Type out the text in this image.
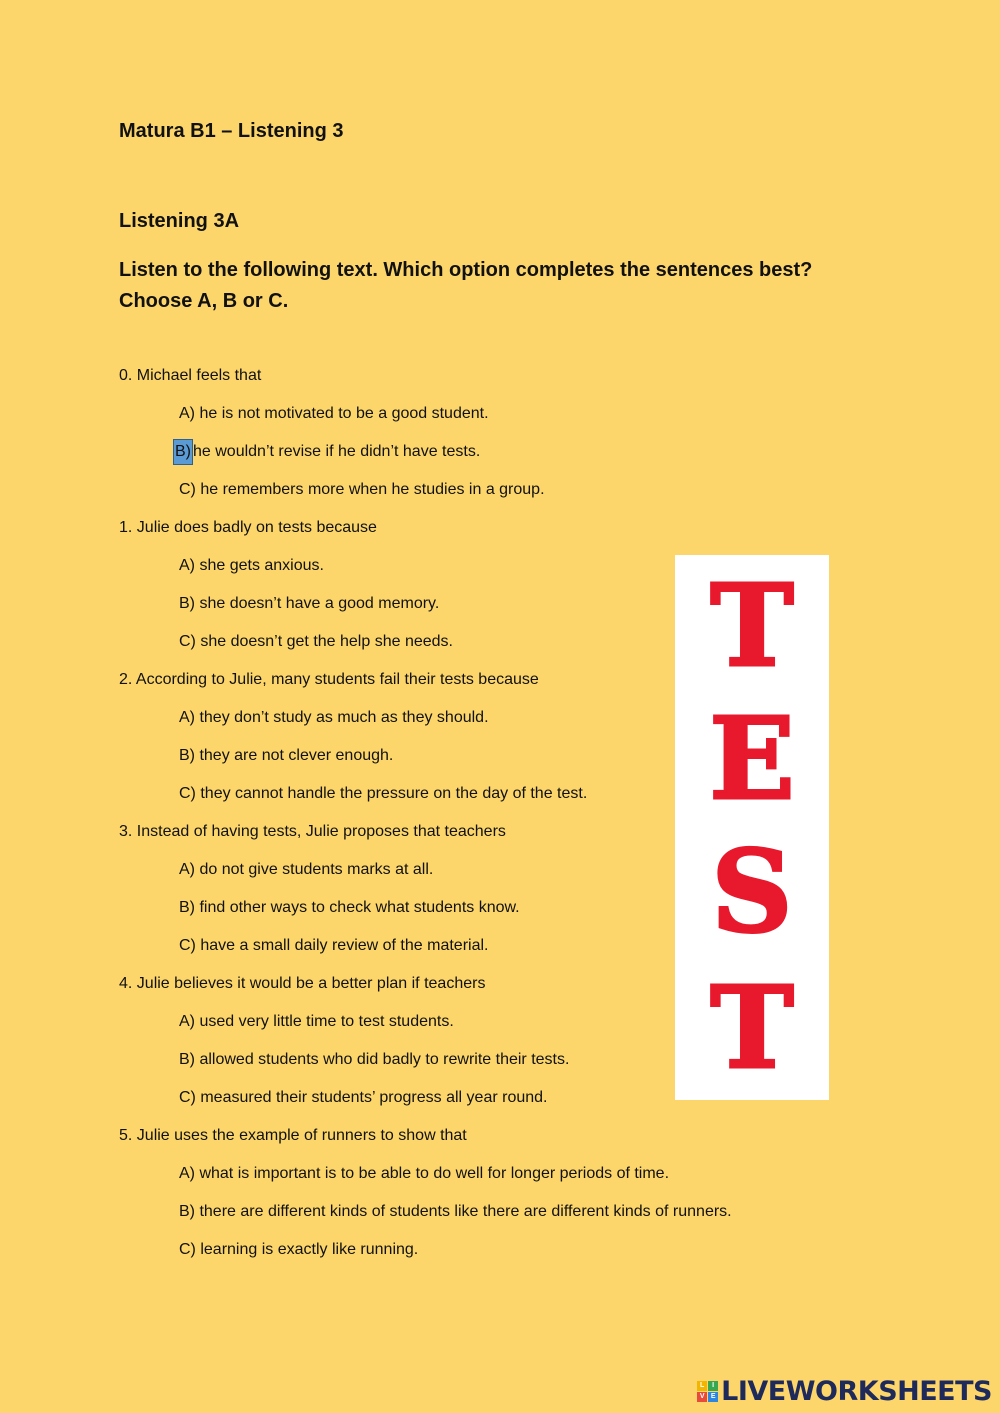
Matura B1 – Listening 3
Listening 3A

Listen to the following text. Which option completes the sentences best? Choose A, B or C.

0. Michael feels that
A) he is not motivated to be a good student.
B) he wouldn’t revise if he didn’t have tests.
C) he remembers more when he studies in a group.
1. Julie does badly on tests because
A) she gets anxious.
B) she doesn’t have a good memory.
C) she doesn’t get the help she needs.
2. According to Julie, many students fail their tests because
A) they don’t study as much as they should.
B) they are not clever enough.
C) they cannot handle the pressure on the day of the test.
3. Instead of having tests, Julie proposes that teachers
A) do not give students marks at all.
B) find other ways to check what students know.
C) have a small daily review of the material.
4. Julie believes it would be a better plan if teachers
A) used very little time to test students.
B) allowed students who did badly to rewrite their tests.
C) measured their students’ progress all year round.
5. Julie uses the example of runners to show that
A) what is important is to be able to do well for longer periods of time.
B) there are different kinds of students like there are different kinds of runners.
C) learning is exactly like running.
T
E
S
T
L	I
V E LIVEWORKSHEETS
